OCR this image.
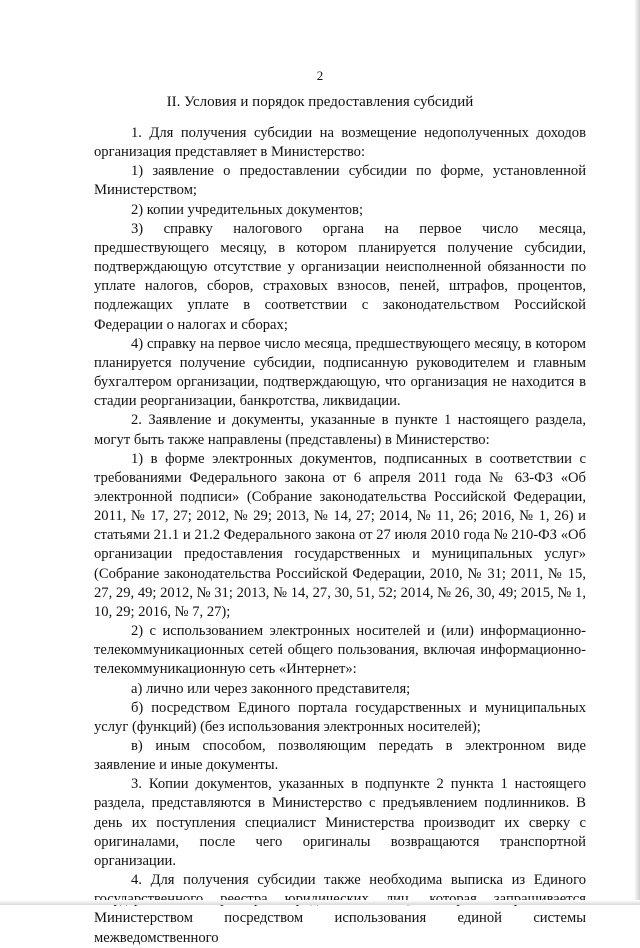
2
II. Условия и порядок предоставления субсидий

1. Для получения субсидии на возмещение недополученных доходов организация представляет в Министерство:

1) заявление о предоставлении субсидии по форме, установленной Министерством;

2) копии учредительных документов;

3) справку налогового органа на первое число месяца, предшествующего месяцу, в котором планируется получение субсидии, подтверждающую отсутствие у организации неисполненной обязанности по уплате налогов, сборов, страховых взносов, пеней, штрафов, процентов, подлежащих уплате в соответствии с законодательством Российской Федерации о налогах и сборах;

4) справку на первое число месяца, предшествующего месяцу, в котором планируется получение субсидии, подписанную руководителем и главным бухгалтером организации, подтверждающую, что организация не находится в стадии реорганизации, банкротства, ликвидации.

2. Заявление и документы, указанные в пункте 1 настоящего раздела, могут быть также направлены (представлены) в Министерство:

1) в форме электронных документов, подписанных в соответствии с требованиями Федерального закона от 6 апреля 2011 года № 63-ФЗ «Об электронной подписи» (Собрание законодательства Российской Федерации, 2011, № 17, 27; 2012, № 29; 2013, № 14, 27; 2014, № 11, 26; 2016, № 1, 26) и статьями 21.1 и 21.2 Федерального закона от 27 июля 2010 года № 210-ФЗ «Об организации предоставления государственных и муниципальных услуг» (Собрание законодательства Российской Федерации, 2010, № 31; 2011, № 15, 27, 29, 49; 2012, № 31; 2013, № 14, 27, 30, 51, 52; 2014, № 26, 30, 49; 2015, № 1, 10, 29; 2016, № 7, 27);

2) с использованием электронных носителей и (или) информационно-телекоммуникационных сетей общего пользования, включая информационно-телекоммуникационную сеть «Интернет»:

а) лично или через законного представителя;

б) посредством Единого портала государственных и муниципальных услуг (функций) (без использования электронных носителей);

в) иным способом, позволяющим передать в электронном виде заявление и иные документы.

3. Копии документов, указанных в подпункте 2 пункта 1 настоящего раздела, представляются в Министерство с предъявлением подлинников. В день их поступления специалист Министерства производит их сверку с оригиналами, после чего оригиналы возвращаются транспортной организации.

4. Для получения субсидии также необходима выписка из Единого Министерством посредством использования единой системы межведомственного
